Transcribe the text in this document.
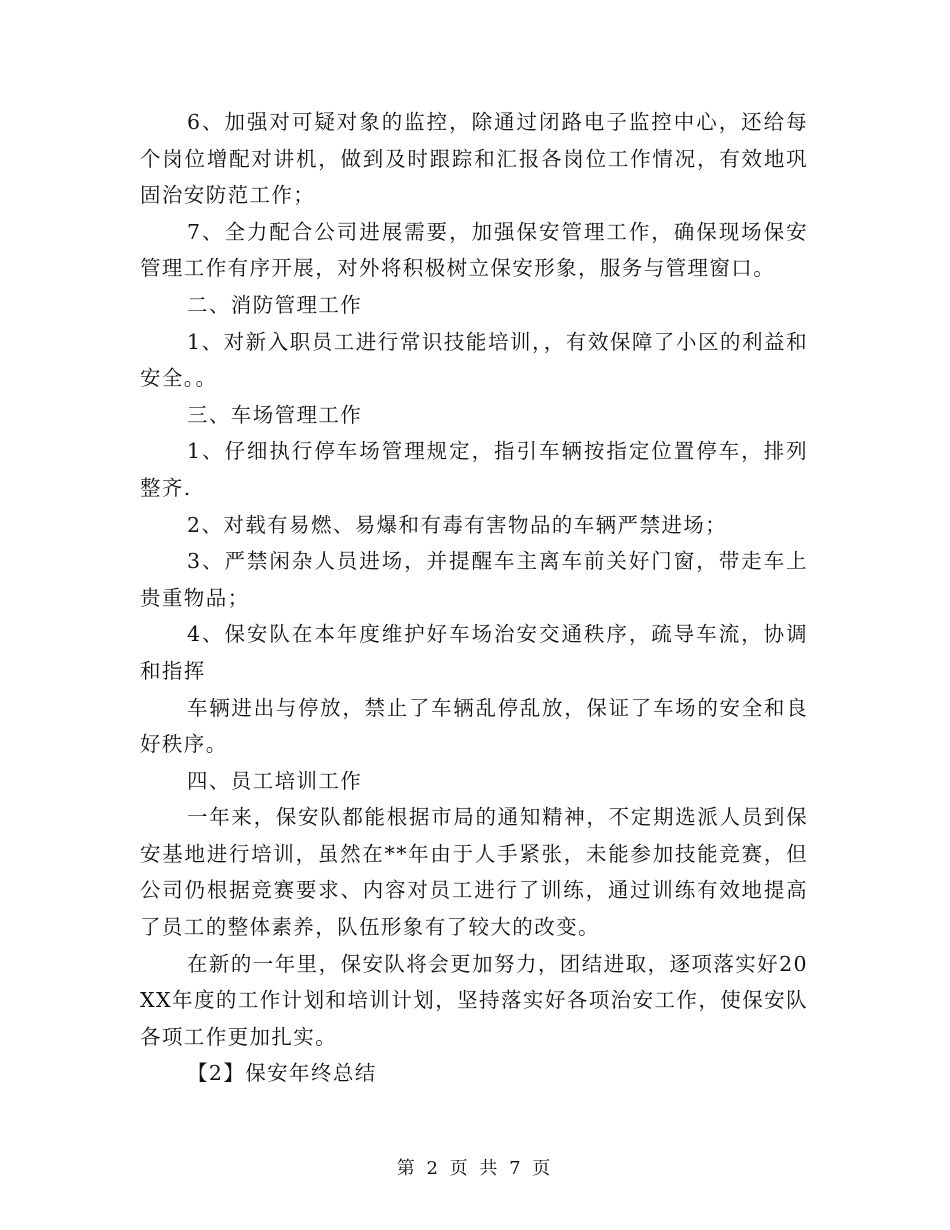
6、加强对可疑对象的监控，除通过闭路电子监控中心，还给每个岗位增配对讲机，做到及时跟踪和汇报各岗位工作情况，有效地巩固治安防范工作；

7、全力配合公司进展需要，加强保安管理工作，确保现场保安管理工作有序开展，对外将积极树立保安形象，服务与管理窗口。

二、消防管理工作

1、对新入职员工进行常识技能培训，，有效保障了小区的利益和安全。。

三、车场管理工作

1、仔细执行停车场管理规定，指引车辆按指定位置停车，排列整齐.

2、对载有易燃、易爆和有毒有害物品的车辆严禁进场；

3、严禁闲杂人员进场，并提醒车主离车前关好门窗，带走车上贵重物品；

4、保安队在本年度维护好车场治安交通秩序，疏导车流，协调和指挥

车辆进出与停放，禁止了车辆乱停乱放，保证了车场的安全和良好秩序。

四、员工培训工作

一年来，保安队都能根据市局的通知精神，不定期选派人员到保安基地进行培训，虽然在**年由于人手紧张，未能参加技能竞赛，但公司仍根据竞赛要求、内容对员工进行了训练，通过训练有效地提高了员工的整体素养，队伍形象有了较大的改变。

在新的一年里，保安队将会更加努力，团结进取，逐项落实好20XX年度的工作计划和培训计划，坚持落实好各项治安工作，使保安队各项工作更加扎实。

【2】保安年终总结

第 2 页 共 7 页
